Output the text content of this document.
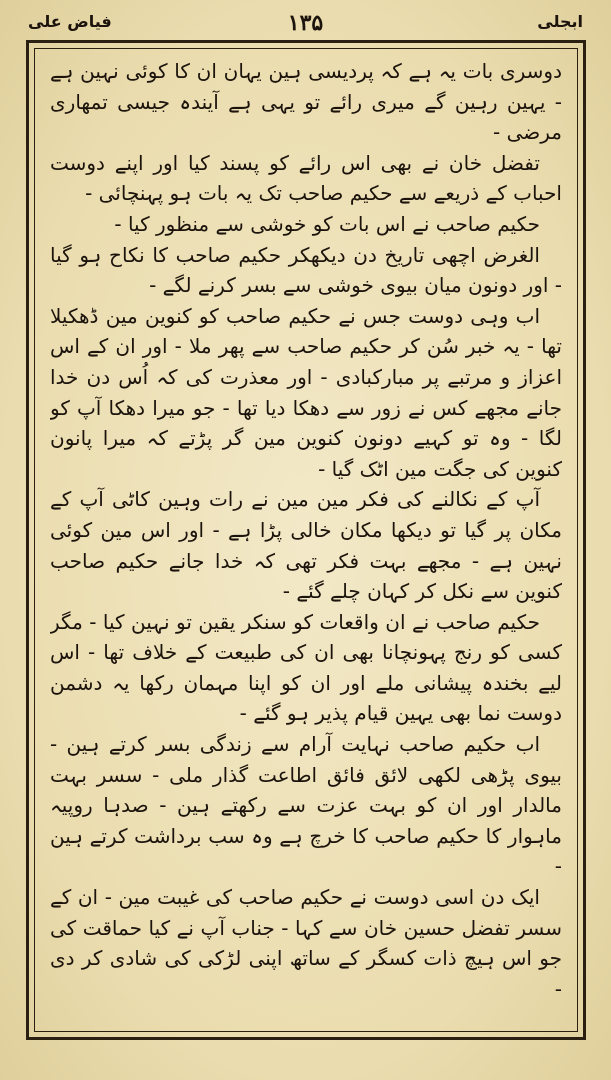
ابجلی
۱۳۵
فیاض علی

دوسری بات یہ ہے کہ پردیسی ہین یہان ان کا کوئی نہین ہے - یہین رہین گے میری رائے تو یہی ہے آیندہ جیسی تمھاری مرضی -

تفضل خان نے بھی اس رائے کو پسند کیا اور اپنے دوست احباب کے ذریعے سے حکیم صاحب تک یہ بات ہو پہنچائی -

حکیم صاحب نے اس بات کو خوشی سے منظور کیا -

الغرض اچھی تاریخ دن دیکھکر حکیم صاحب کا نکاح ہو گیا - اور دونون میان بیوی خوشی سے بسر کرنے لگے -

اب وہی دوست جس نے حکیم صاحب کو کنوین مین ڈھکیلا تھا - یہ خبر سُن کر حکیم صاحب سے پھر ملا - اور ان کے اس اعزاز و مرتبے پر مبارکبادی - اور معذرت کی کہ اُس دن خدا جانے مجھے کس نے زور سے دھکا دیا تھا - جو میرا دھکا آپ کو لگا - وہ تو کہیے دونون کنوین مین گر پڑتے کہ میرا پانون کنوین کی جگت مین اٹک گیا -

آپ کے نکالنے کی فکر مین مین نے رات وہین کاٹی آپ کے مکان پر گیا تو دیکھا مکان خالی پڑا ہے - اور اس مین کوئی نہین ہے - مجھے بہت فکر تھی کہ خدا جانے حکیم صاحب کنوین سے نکل کر کہان چلے گئے -

حکیم صاحب نے ان واقعات کو سنکر یقین تو نہین کیا - مگر کسی کو رنج پہونچانا بھی ان کی طبیعت کے خلاف تھا - اس لیے بخندہ پیشانی ملے اور ان کو اپنا مہمان رکھا یہ دشمن دوست نما بھی یہین قیام پذیر ہو گئے -

اب حکیم صاحب نہایت آرام سے زندگی بسر کرتے ہین - بیوی پڑھی لکھی لائق فائق اطاعت گذار ملی - سسر بہت مالدار اور ان کو بہت عزت سے رکھتے ہین - صدہا روپیہ ماہوار کا حکیم صاحب کا خرچ ہے وہ سب برداشت کرتے ہین -

ایک دن اسی دوست نے حکیم صاحب کی غیبت مین - ان کے سسر تفضل حسین خان سے کہا - جناب آپ نے کیا حماقت کی جو اس ہیچ ذات کسگر کے ساتھ اپنی لڑکی کی شادی کر دی -
